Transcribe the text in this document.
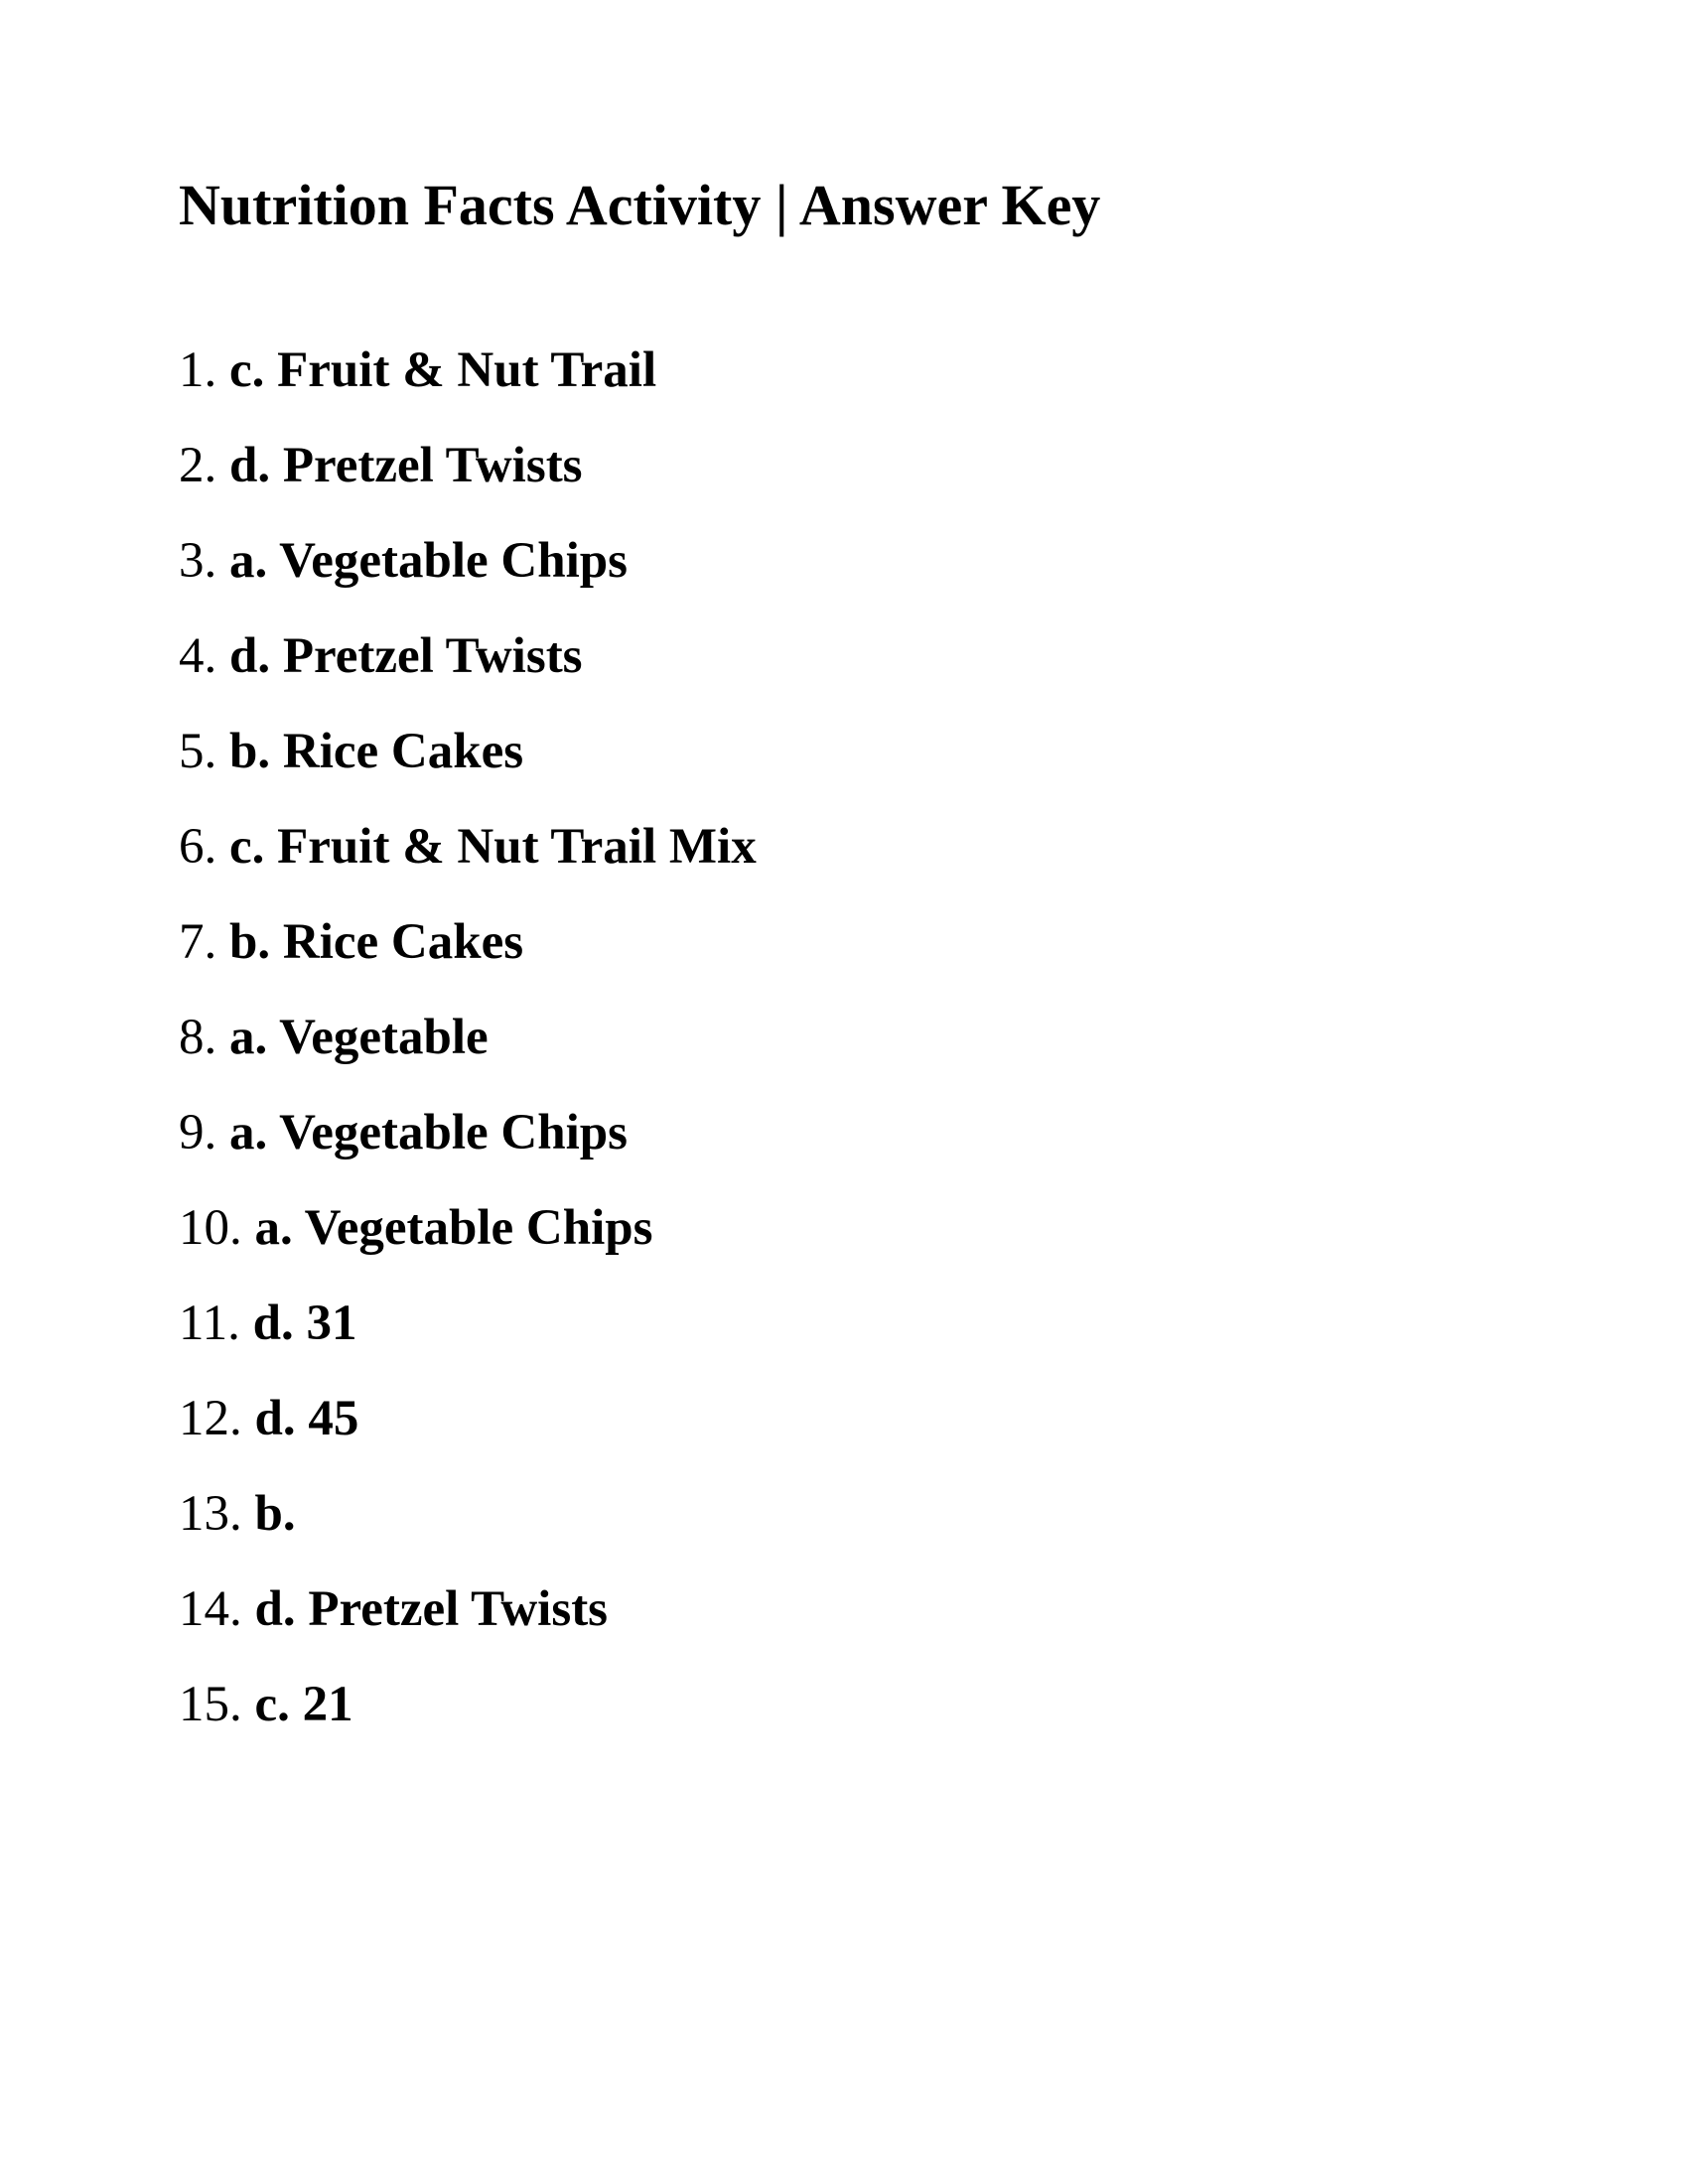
Nutrition Facts Activity | Answer Key
1. c. Fruit & Nut Trail
2. d. Pretzel Twists
3. a. Vegetable Chips
4. d. Pretzel Twists
5. b. Rice Cakes
6. c. Fruit & Nut Trail Mix
7. b. Rice Cakes
8. a. Vegetable
9. a. Vegetable Chips
10. a. Vegetable Chips
11. d. 31
12. d. 45
13. b.
14. d. Pretzel Twists
15. c. 21
